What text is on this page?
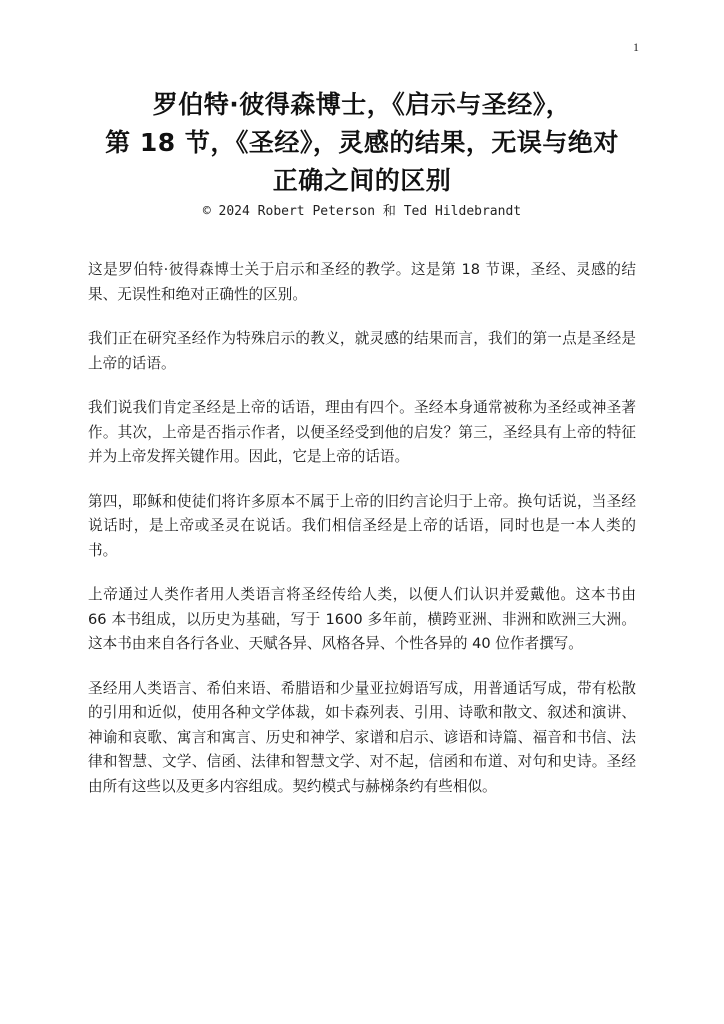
1
罗伯特·彼得森博士，《启示与圣经》，
第 18 节，《圣经》，灵感的结果，无误与绝对
正确之间的区别
© 2024 Robert Peterson 和 Ted Hildebrandt

这是罗伯特·彼得森博士关于启示和圣经的教学。这是第 18 节课，圣经、灵感的结果、无误性和绝对正确性的区别。

我们正在研究圣经作为特殊启示的教义，就灵感的结果而言，我们的第一点是圣经是上帝的话语。

我们说我们肯定圣经是上帝的话语，理由有四个。圣经本身通常被称为圣经或神圣著作。其次，上帝是否指示作者，以便圣经受到他的启发？第三，圣经具有上帝的特征并为上帝发挥关键作用。因此，它是上帝的话语。

第四，耶稣和使徒们将许多原本不属于上帝的旧约言论归于上帝。换句话说，当圣经说话时，是上帝或圣灵在说话。我们相信圣经是上帝的话语，同时也是一本人类的书。

上帝通过人类作者用人类语言将圣经传给人类，以便人们认识并爱戴他。这本书由 66 本书组成，以历史为基础，写于 1600 多年前，横跨亚洲、非洲和欧洲三大洲。这本书由来自各行各业、天赋各异、风格各异、个性各异的 40 位作者撰写。

圣经用人类语言、希伯来语、希腊语和少量亚拉姆语写成，用普通话写成，带有松散的引用和近似，使用各种文学体裁，如卡森列表、引用、诗歌和散文、叙述和演讲、神谕和哀歌、寓言和寓言、历史和神学、家谱和启示、谚语和诗篇、福音和书信、法律和智慧、文学、信函、法律和智慧文学、对不起，信函和布道、对句和史诗。圣经由所有这些以及更多内容组成。契约模式与赫梯条约有些相似。
